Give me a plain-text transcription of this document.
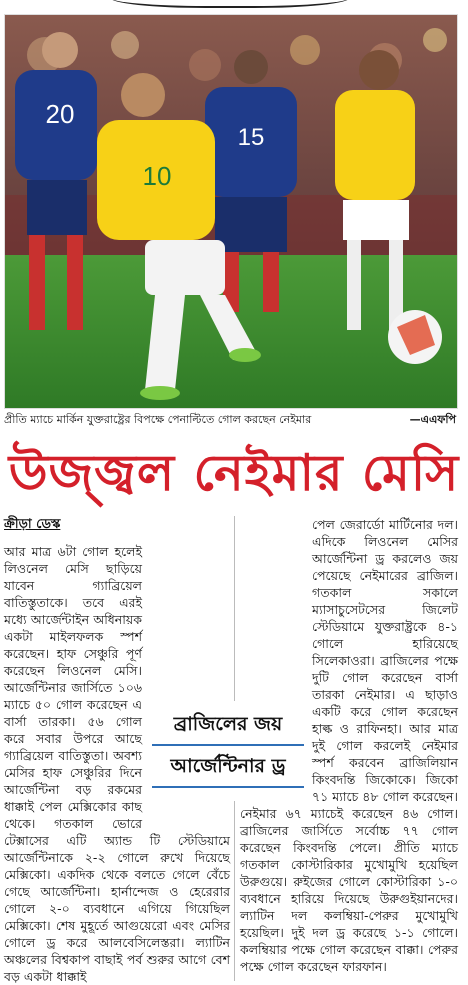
20
15
10
প্রীতি ম্যাচে মার্কিন যুক্তরাষ্ট্রের বিপক্ষে পেনাল্টিতে গোল করছেন নেইমার	—এএফপি
উজ্জ্বল নেইমার মেসি
ক্রীড়া ডেস্ক

আর মাত্র ৬টা গোল হলেই লিওনেল মেসি ছাড়িয়ে যাবেন গ্যাব্রিয়েল বাতিস্তুতাকে। তবে এরই মধ্যে আর্জেন্টাইন অধিনায়ক একটা মাইলফলক স্পর্শ করেছেন। হাফ সেঞ্চুরি পূর্ণ করেছেন লিওনেল মেসি। আর্জেন্টিনার জার্সিতে ১০৬ ম্যাচে ৫০ গোল করেছেন এ বার্সা তারকা। ৫৬ গোল করে সবার উপরে আছে গ্যাব্রিয়েল বাতিস্তুতা। অবশ্য মেসির হাফ সেঞ্চুরির দিনে আর্জেন্টিনা বড় রকমের ধাক্কাই পেল মেক্সিকোর কাছ থেকে। গতকাল ভোরে টেক্সাসের এটি অ্যান্ড টি স্টেডিয়ামে আর্জেন্টিনাকে ২-২ গোলে রুখে দিয়েছে মেক্সিকো। একদিক থেকে বলতে গেলে বেঁচে গেছে আর্জেন্টিনা। হার্নান্দেজ ও হেরেরার গোলে ২-০ ব্যবধানে এগিয়ে গিয়েছিল মেক্সিকো। শেষ মুহূর্তে আগুয়েরো এবং মেসির গোলে ড্র করে আলবেসিলেস্তরা। ল্যাটিন অঞ্চলের বিশ্বকাপ বাছাই পর্ব শুরুর আগে বেশ বড় একটা ধাক্কাই

পেল জেরার্ডো মার্টিনোর দল। এদিকে লিওনেল মেসির আর্জেন্টিনা ড্র করলেও জয় পেয়েছে নেইমারের ব্রাজিল। গতকাল সকালে ম্যাসাচুসেটসের জিলেট স্টেডিয়ামে যুক্তরাষ্ট্রকে ৪-১ গোলে হারিয়েছে সিলেকাওরা। ব্রাজিলের পক্ষে দুটি গোল করেছেন বার্সা তারকা নেইমার। এ ছাড়াও একটি করে গোল করেছেন হাল্ক ও রাফিনহা। আর মাত্র দুই গোল করলেই নেইমার স্পর্শ করবেন ব্রাজিলিয়ান কিংবদন্তি জিকোকে। জিকো ৭১ ম্যাচে ৪৮ গোল করেছেন। নেইমার ৬৭ ম্যাচেই করেছেন ৪৬ গোল। ব্রাজিলের জার্সিতে সর্বোচ্চ ৭৭ গোল করেছেন কিংবদন্তি পেলে। প্রীতি ম্যাচে গতকাল কোস্টারিকার মুখোমুখি হয়েছিল উরুগুয়ে। রুইজের গোলে কোস্টারিকা ১-০ ব্যবধানে হারিয়ে দিয়েছে উরুগুইয়ানদের। ল্যাটিন দল কলম্বিয়া-পেরুর মুখোমুখি হয়েছিল। দুই দল ড্র করেছে ১-১ গোলে। কলম্বিয়ার পক্ষে গোল করেছেন বাক্কা। পেরুর পক্ষে গোল করেছেন ফারফান।

ব্রাজিলের জয়
আর্জেন্টিনার ড্র
